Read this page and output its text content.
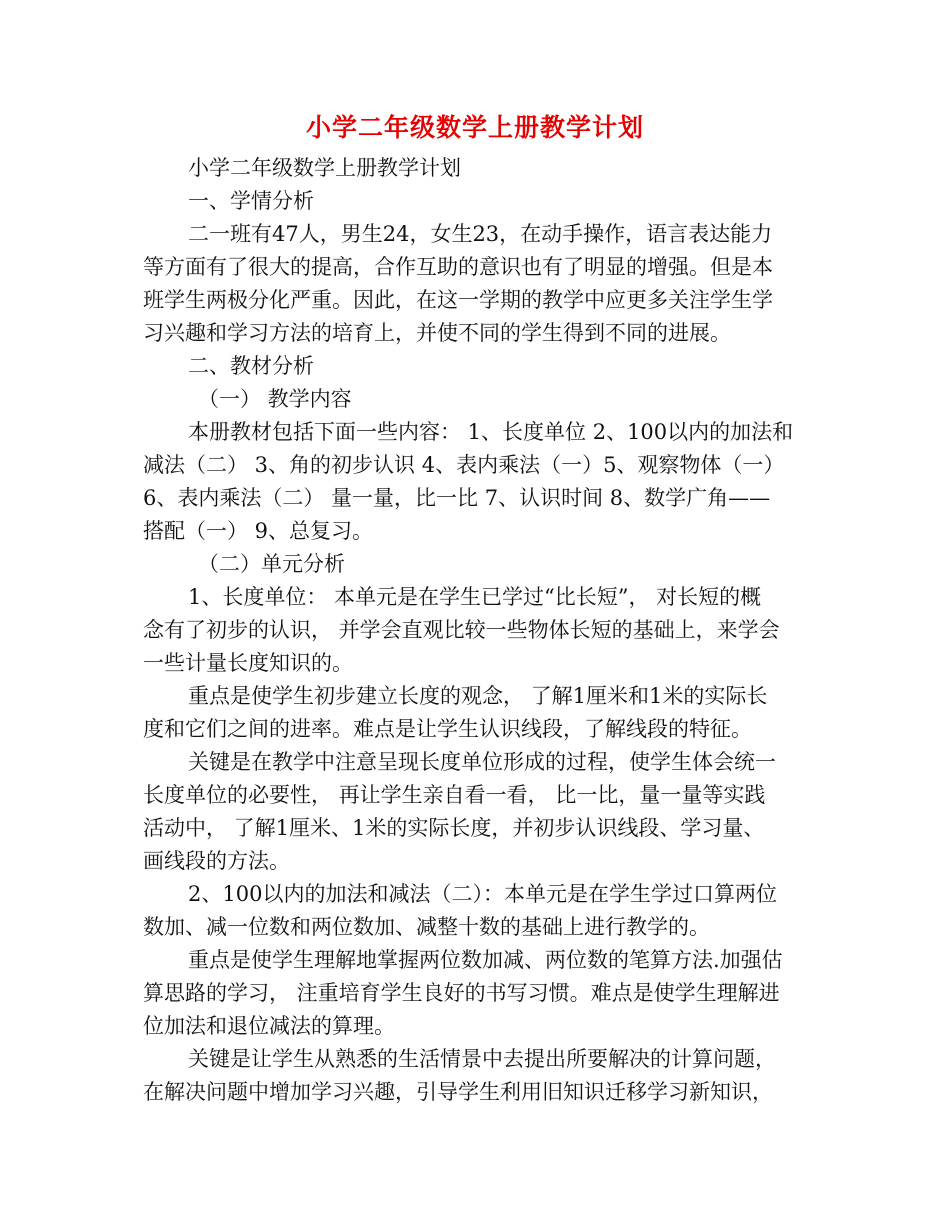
小学二年级数学上册教学计划
小学二年级数学上册教学计划
一、学情分析
二一班有47人，男生24，女生23，在动手操作，语言表达能力
等方面有了很大的提高，合作互助的意识也有了明显的增强。但是本
班学生两极分化严重。因此，在这一学期的教学中应更多关注学生学
习兴趣和学习方法的培育上，并使不同的学生得到不同的进展。
二、教材分析
（一） 教学内容
本册教材包括下面一些内容： 1、长度单位 2、100以内的加法和
减法（二） 3、角的初步认识 4、表内乘法（一）5、观察物体（一）
6、表内乘法（二） 量一量，比一比 7、认识时间 8、数学广角——
搭配（一） 9、总复习。
（二）单元分析
1、长度单位： 本单元是在学生已学过“比长短”， 对长短的概
念有了初步的认识， 并学会直观比较一些物体长短的基础上，来学会
一些计量长度知识的。
重点是使学生初步建立长度的观念， 了解1厘米和1米的实际长
度和它们之间的进率。难点是让学生认识线段，了解线段的特征。
关键是在教学中注意呈现长度单位形成的过程，使学生体会统一
长度单位的必要性， 再让学生亲自看一看， 比一比，量一量等实践
活动中， 了解1厘米、1米的实际长度，并初步认识线段、学习量、
画线段的方法。
2、100以内的加法和减法（二）：本单元是在学生学过口算两位
数加、减一位数和两位数加、减整十数的基础上进行教学的。
重点是使学生理解地掌握两位数加减、两位数的笔算方法.加强估
算思路的学习， 注重培育学生良好的书写习惯。难点是使学生理解进
位加法和退位减法的算理。
关键是让学生从熟悉的生活情景中去提出所要解决的计算问题，
在解决问题中增加学习兴趣，引导学生利用旧知识迁移学习新知识，
